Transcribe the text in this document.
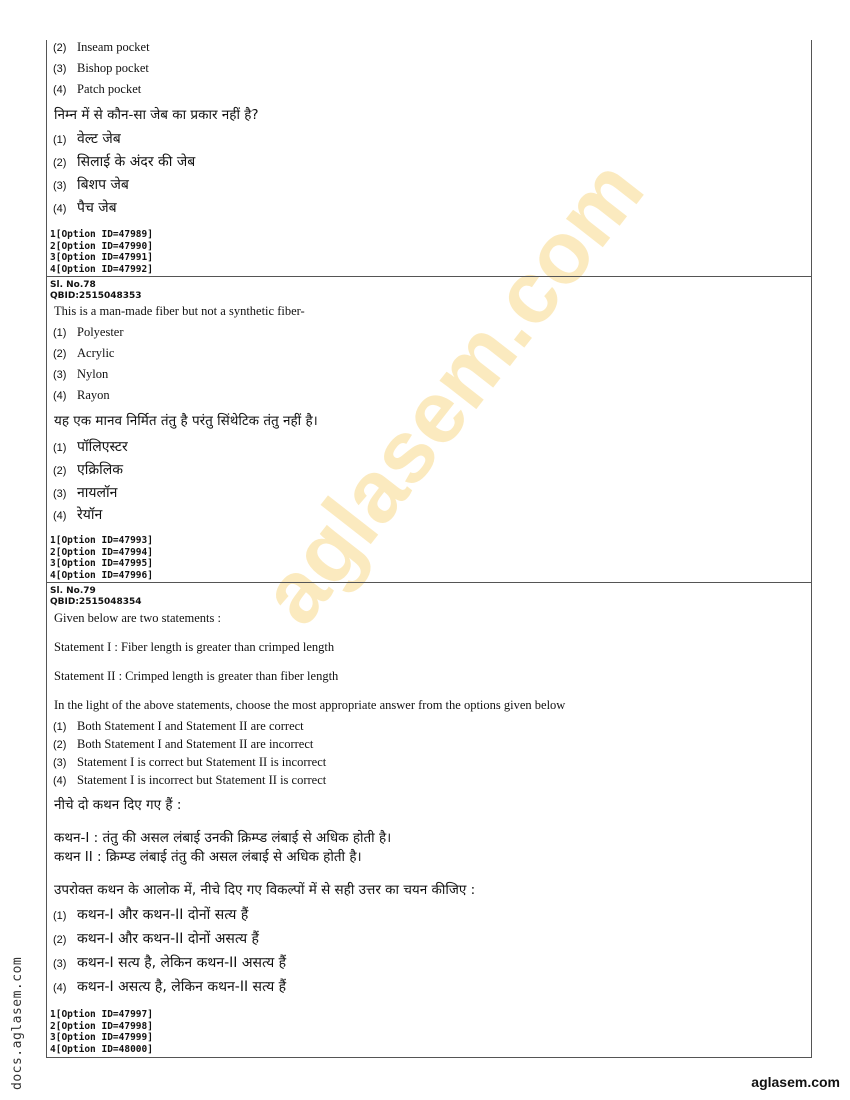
aglasem.com
(2) Inseam pocket
(3) Bishop pocket
(4) Patch pocket
निम्न में से कौन-सा जेब का प्रकार नहीं है?
(1) वेल्ट जेब
(2) सिलाई के अंदर की जेब
(3) बिशप जेब
(4) पैच जेब
1[Option ID=47989]
2[Option ID=47990]
3[Option ID=47991]
4[Option ID=47992]
Sl. No.78
QBID:2515048353
This is a man-made fiber but not a synthetic fiber-
(1) Polyester
(2) Acrylic
(3) Nylon
(4) Rayon
यह एक मानव निर्मित तंतु है परंतु सिंथेटिक तंतु नहीं है।
(1) पॉलिएस्टर
(2) एक्रिलिक
(3) नायलॉन
(4) रेयॉन
1[Option ID=47993]
2[Option ID=47994]
3[Option ID=47995]
4[Option ID=47996]
Sl. No.79
QBID:2515048354
Given below are two statements :
Statement I : Fiber length is greater than crimped length
Statement II : Crimped length is greater than fiber length
In the light of the above statements, choose the most appropriate answer from the options given below
(1) Both Statement I and Statement II are correct
(2) Both Statement I and Statement II are incorrect
(3) Statement I is correct but Statement II is incorrect
(4) Statement I is incorrect but Statement II is correct
नीचे दो कथन दिए गए हैं :
कथन-I : तंतु की असल लंबाई उनकी क्रिम्प्ड लंबाई से अधिक होती है।
कथन II : क्रिम्प्ड लंबाई तंतु की असल लंबाई से अधिक होती है।
उपरोक्त कथन के आलोक में, नीचे दिए गए विकल्पों में से सही उत्तर का चयन कीजिए :
(1) कथन-I और कथन-II दोनों सत्य हैं
(2) कथन-I और कथन-II दोनों असत्य हैं
(3) कथन-I सत्य है, लेकिन कथन-II असत्य हैं
(4) कथन-I असत्य है, लेकिन कथन-II सत्य हैं
1[Option ID=47997]
2[Option ID=47998]
3[Option ID=47999]
4[Option ID=48000]
docs.aglasem.com	aglasem.com
